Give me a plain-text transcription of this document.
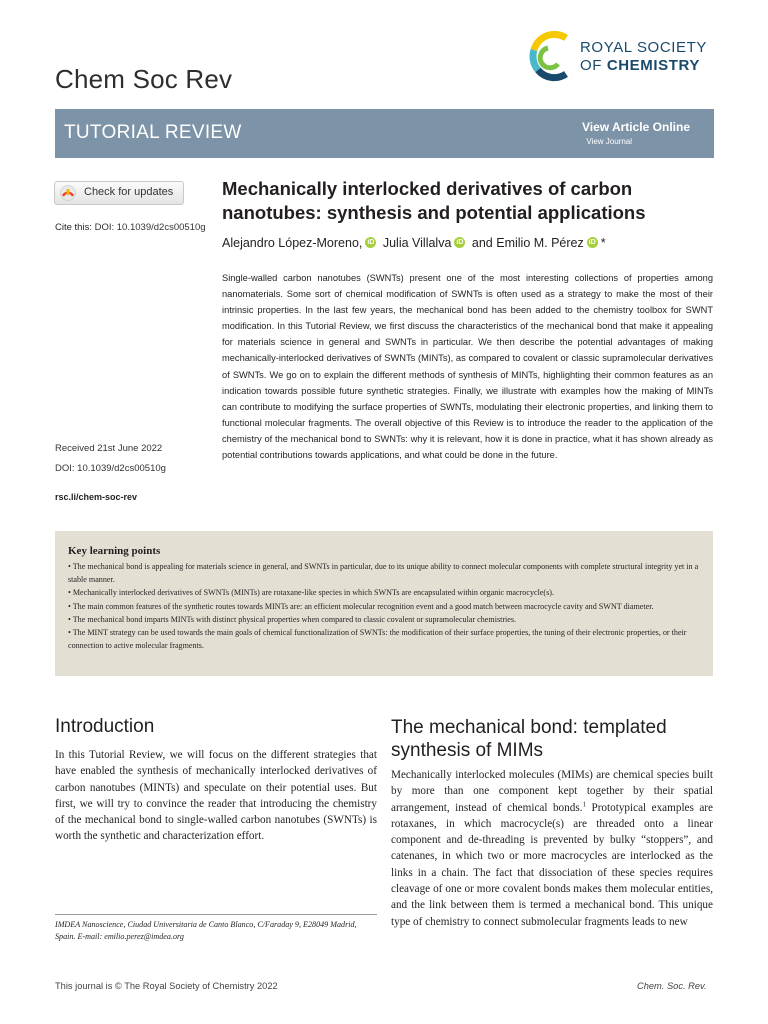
Chem Soc Rev
ROYAL SOCIETY
OF CHEMISTRY
TUTORIAL REVIEW	View Article Online
View Journal
Check for updates
Cite this: DOI: 10.1039/d2cs00510g
Received 21st June 2022
DOI: 10.1039/d2cs00510g
rsc.li/chem-soc-rev
Mechanically interlocked derivatives of carbon nanotubes: synthesis and potential applications
Alejandro López-Moreno, iD Julia Villalva iD and Emilio M. Pérez iD *
Single-walled carbon nanotubes (SWNTs) present one of the most interesting collections of properties among nanomaterials. Some sort of chemical modification of SWNTs is often used as a strategy to make the most of their intrinsic properties. In the last few years, the mechanical bond has been added to the chemistry toolbox for SWNT modification. In this Tutorial Review, we first discuss the characteristics of the mechanical bond that make it appealing for materials science in general and SWNTs in particular. We then describe the potential advantages of making mechanically-interlocked derivatives of SWNTs (MINTs), as compared to covalent or classic supramolecular derivatives of SWNTs. We go on to explain the different methods of synthesis of MINTs, highlighting their common features as an indication towards possible future synthetic strategies. Finally, we illustrate with examples how the making of MINTs can contribute to modifying the surface properties of SWNTs, modulating their electronic properties, and linking them to functional molecular fragments. The overall objective of this Review is to introduce the reader to the application of the chemistry of the mechanical bond to SWNTs: why it is relevant, how it is done in practice, what it has shown already as potential contributions towards applications, and what could be done in the future.
Key learning points
• The mechanical bond is appealing for materials science in general, and SWNTs in particular, due to its unique ability to connect molecular components with complete structural integrity yet in a stable manner.
• Mechanically interlocked derivatives of SWNTs (MINTs) are rotaxane-like species in which SWNTs are encapsulated within organic macrocycle(s).
• The main common features of the synthetic routes towards MINTs are: an efficient molecular recognition event and a good match between macrocycle cavity and SWNT diameter.
• The mechanical bond imparts MINTs with distinct physical properties when compared to classic covalent or supramolecular chemistries.
• The MINT strategy can be used towards the main goals of chemical functionalization of SWNTs: the modification of their surface properties, the tuning of their electronic properties, or their connection to active molecular fragments.
Introduction
In this Tutorial Review, we will focus on the different strategies that have enabled the synthesis of mechanically interlocked derivatives of carbon nanotubes (MINTs) and speculate on their potential uses. But first, we will try to convince the reader that introducing the chemistry of the mechanical bond to single-walled carbon nanotubes (SWNTs) is worth the synthetic and characterization effort.
The mechanical bond: templated synthesis of MIMs
Mechanically interlocked molecules (MIMs) are chemical species built by more than one component kept together by their spatial arrangement, instead of chemical bonds.$^1$ Prototypical examples are rotaxanes, in which macrocycle(s) are threaded onto a linear component and de-threading is prevented by bulky “stoppers”, and catenanes, in which two or more macrocycles are interlocked as the links in a chain. The fact that dissociation of these species requires cleavage of one or more covalent bonds makes them molecular entities, and the link between them is termed a mechanical bond. This unique type of chemistry to connect submolecular fragments leads to new
IMDEA Nanoscience, Ciudad Universitaria de Canto Blanco, C/Faraday 9, E28049 Madrid, Spain. E-mail: emilio.perez@imdea.org
This journal is © The Royal Society of Chemistry 2022	Chem. Soc. Rev.
